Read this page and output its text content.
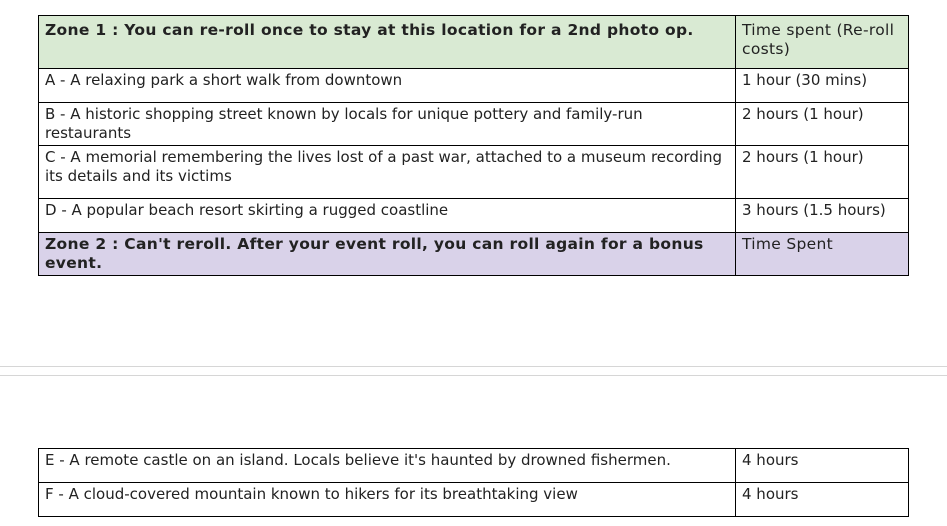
Zone 1 : You can re-roll once to stay at this location for a 2nd photo op.	Time spent (Re-roll costs)
A - A relaxing park a short walk from downtown	1 hour (30 mins)
B - A historic shopping street known by locals for unique pottery and family-run restaurants	2 hours (1 hour)
C - A memorial remembering the lives lost of a past war, attached to a museum recording its details and its victims	2 hours (1 hour)
D - A popular beach resort skirting a rugged coastline	3 hours (1.5 hours)
Zone 2 : Can't reroll. After your event roll, you can roll again for a bonus event.	Time Spent
E - A remote castle on an island. Locals believe it's haunted by drowned fishermen.	4 hours
F - A cloud-covered mountain known to hikers for its breathtaking view	4 hours
